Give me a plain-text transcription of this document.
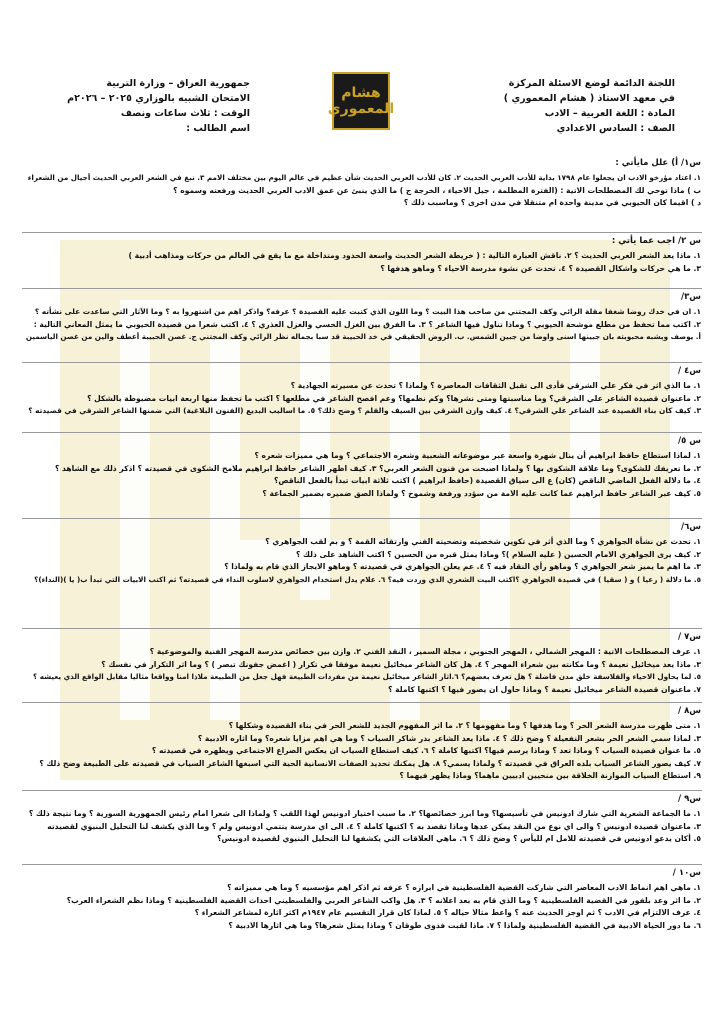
اللجنة الدائمة لوضع الاسئلة المركزة
في معهد الاستاذ ( هشام المعموري )
المادة : اللغة العربية – الادب
الصف : السادس الاعدادي
هشام المعموري
جمهورية العراق – وزارة التربية
الامتحان الشبيه بالوزاري ٢٠٢٥ – ٢٠٢٦م
الوقت : ثلاث ساعات ونصف
اسم الطالب :
س١/ أ) علل مايأتي :
١. اعتاد مؤرخو الادب ان يجعلوا عام ١٧٩٨ بداية للأدب العربي الحديث ٢. كان للأدب العربي الحديث شأن عظيم في عالم اليوم بين مختلف الامم ٣. نبغ في الشعر العربي الحديث أجيال من الشعراء
ب ) ماذا توحي لك المصطلحات الاتية : (الفترة المظلمة ، جيل الاحياء ، الخرجة ج ) ما الذي ينبئ عن عمق الادب العربي الحديث ورفعته وسموه ؟
د ) اقيما كان الحيوبي في مدينة واحدة ام متنقلا في مدن اخرى ؟ وماسبب ذلك ؟
س ٢/ اجب عما يأتي :
١. ماذا يعد الشعر العربي الحديث ؟ ٢. ناقش العبارة التالية : ( خريطة الشعر الحديث واسعة الحدود ومتداخلة مع ما يقع في العالم من حركات ومذاهب أدبية )
٣. ما هي حركات واشكال القصيدة ؟ ٤. تحدث عن نشوء مدرسة الاحياء ؟ وماهو هدفها ؟
س٣/
١. ان في خدك روضا شغفا مقلة الرائي وكف المجتني من صاحب هذا البيت ؟ وما اللون الذي كتبت عليه القصيدة ؟ عرفه؟ واذكر اهم من اشتهروا به ؟ وما الآثار التي ساعدت على نشأته ؟
٢. اكتب مما تحفظ من مطلع موشحة الحيوبي ؟ وماذا تناول فيها الشاعر ؟ ٣. ما الفرق بين الغزل الحسي والغزل العذري ؟ ٤. اكتب شعرا من قصيدة الحيوبي ما يمثل المعاني التالية :
أ. يوصف ويشبه محبوبته بان جبينها اسنى واوضا من جبين الشمس. ب. الروض الحقيقي في خد الحبيبة قد سبا بجماله نظر الرائي وكف المجتني ج. غصن الحبيبة أعطف والين من غصن الياسمين
س٤ /
١. ما الذي اثر في فكر علي الشرقي فأدى الى تقبل الثقافات المعاصرة ؟ ولماذا ؟ تحدث عن مسيرته الجهادية ؟
٢. ماعنوان قصيدة الشاعر علي الشرقي؟ وما مناسبتها ومتى نشرها؟ وكم نظمها؟ وعم افصح الشاعر في مطلعها ؟ اكتب ما تحفظ منها اربعة ابيات مضبوطة بالشكل ؟
٣. كيف كان بناء القصيدة عند الشاعر علي الشرقي؟ ٤. كيف وازن الشرقي بين السيف والقلم ؟ وضح ذلك؟ ٥. ما اساليب البديع (الفنون البلاغية) التي ضمنها الشاعر الشرقي في قصيدته ؟
س ٥/
١. لماذا استطاع حافظ ابراهيم أن ينال شهرة واسعة عبر موضوعاته الشعبية وشعره الاجتماعي ؟ وما هي مميزات شعره ؟
٢. ما تعريفك للشكوى؟ وما علاقة الشكوى بها ؟ ولماذا اصبحت من فنون الشعر العربي؟ ٣. كيف اظهر الشاعر حافظ ابراهيم ملامح الشكوى في قصيدته ؟ اذكر ذلك مع الشاهد ؟
٤. ما دلالة الفعل الماضي الناقص (كان) ع الى سياق القصيدة (حافظ ابراهيم ) اكتب ثلاثة ابيات تبدأ بالفعل الناقص؟
٥. كيف عبر الشاعر حافظ ابراهيم عما كانت عليه الامة من سؤدد ورفعة وشموخ ؟ ولماذا الصق ضميره بضمير الجماعة ؟
س٦/
١. تحدث عن نشأة الجواهري ؟ وما الذي أثر في تكوين شخصيته وتضحيته الفني وارتقائه القمة ؟ و بم لقب الجواهري ؟
٢. كيف يرى الجواهري الامام الحسين ( عليه السلام )؟ وماذا يمثل قبره من الحسين ؟ اكتب الشاهد على ذلك ؟
٣. ما اهم ما يميز شعر الجواهري ؟ وماهو رأي النقاد فيه ؟ ٤. عم يعلن الجواهري في قصيدته ؟ وماهو الايجاز الذي قام به ولماذا ؟
٥. ما دلالة ( رعيا ) و ( سقيا ) في قصيدة الجواهري ؟اكتب البيت الشعري الذي وردت فيه؟ ٦. علام يدل استخدام الجواهري لاسلوب النداء في قصيدته؟ ثم اكتب الابيات التي تبدأ ب( يا )(النداء)؟
س٧ /
١. عرف المصطلحات الاتية : المهجر الشمالي ، المهجر الجنوبي ، مجلة السمير ، النقد الفني ٢. وازن بين خصائص مدرسة المهجر الفنية والموضوعية ؟
٣. ماذا يعد ميخائيل نعيمة ؟ وما مكانته بين شعراء المهجر ؟ ٤. هل كان الشاعر ميخائيل نعيمة موفقا في تكرار ( اغمض جفونك تبصر ) ؟ وما اثر التكرار في نفسك ؟
٥. لما يحاول الاحياء والفلاسفة خلق مدن فاضلة ؟ هل تعرف بعضهم؟ ٦.اثار الشاعر ميخائيل نعيمة من مفردات الطبيعة فهل جعل من الطبيعة ملاذا امنا وواقعا مثاليا مقابل الواقع الذي يعيشه ؟
٧. ماعنوان قصيدة الشاعر ميخائيل نعيمة ؟ وماذا حاول ان يصور فيها ؟ اكتبها كاملة ؟
س٨ /
١. متى ظهرت مدرسة الشعر الحر ؟ وما هدفها ؟ وما مفهومها ؟ ٢. ما اثر المفهوم الجديد للشعر الحر في بناء القصيدة وشكلها ؟
٣. لماذا سمي الشعر الحر بشعر التفعيلة ؟ وضح ذلك ؟ ٤. ماذا يعد الشاعر بدر شاكر السياب ؟ وما هي اهم مزايا شعره؟ وما اثاره الادبية ؟
٥. ما عنوان قصيدة السياب ؟ وماذا تعد ؟ وماذا يرسم فيها؟ اكتبها كاملة ؟ ٦. كيف استطاع السياب ان يعكس الصراع الاجتماعي ويظهره في قصيدته ؟
٧. كيف يصور الشاعر السياب بلده العراق في قصيدته ؟ ولماذا يسمي؟ ٨. هل يمكنك تحديد الصفات الانسانية الحية التي اسبغها الشاعر السياب في قصيدته على الطبيعة وضح ذلك ؟
٩. استطاع السياب الموازنة الخلاقة بين منحيين ادبيين ماهما؟ وماذا يظهر فيهما ؟
س٩ /
١. ما الجماعة الشعرية التي شارك ادونيس في تأسيسها؟ وما ابرز خصائصها؟ ٢. ما سبب اختيار ادونيس لهذا اللقب ؟ ولماذا الى شعرا امام رئيس الجمهورية السورية ؟ وما نتيجة ذلك ؟
٣. ماعنوان قصيدة ادونيس ؟ والى اي نوع من النقد يمكن عدها وماذا تقصد به ؟ اكتبها كاملة ؟ ٤. الى اي مدرسة ينتمي ادونيس ولم ؟ وما الذي يكشف لنا التحليل البنيوي لقصيدته
٥. أكان يدعو ادونيس في قصيدته للامل ام لليأس ؟ وضح ذلك ؟ ٦. ماهي العلاقات التي يكشفها لنا التحليل البنيوي لقصيدة ادونيس؟
س١٠ /
١. ماهي اهم انماط الادب المعاصر التي شاركت القضية الفلسطينية في ابرازه ؟ عرفه ثم اذكر اهم مؤسسيه ؟ وما هي مميزاته ؟
٢. ما اثر وعد بلفور في القضية الفلسطينية ؟ وما الذي قام به بعد اعلانه ؟ ٣. هل واكب الشاعر العربي والفلسطيني احداث القضية الفلسطينية ؟ وماذا نظم الشعراء العرب؟
٤. عرف الالتزام في الادب ؟ ثم اوجز الحديث عنه ؟ واعط مثالا حياله ؟ ٥. لماذا كان قرار التقسيم عام ١٩٤٧م اكثر اثارة لمشاعر الشعراء ؟
٦. ما دور الحياة الادبية في القضية الفلسطينية ولماذا ؟ ٧. ماذا لقبت فدوى طوقان ؟ وماذا يمثل شعرها؟ وما هي اثارها الادبية ؟
